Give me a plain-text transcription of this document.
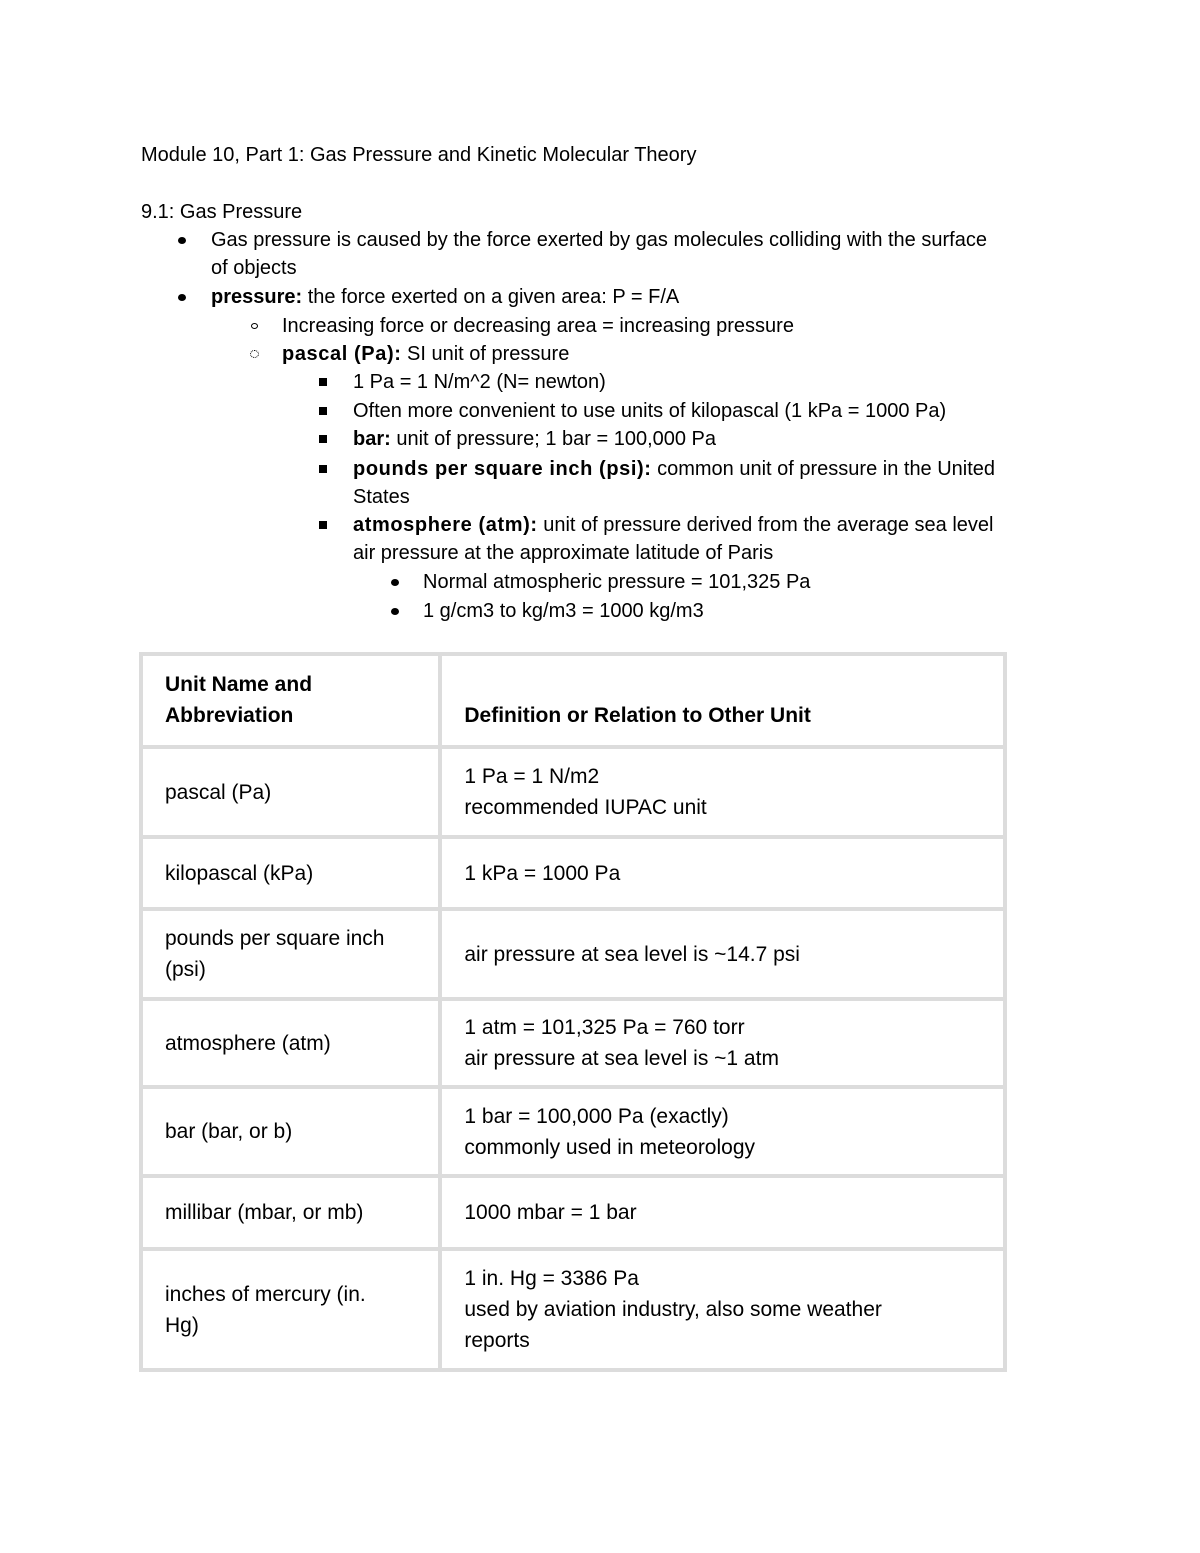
Module 10, Part 1: Gas Pressure and Kinetic Molecular Theory
9.1: Gas Pressure
Gas pressure is caused by the force exerted by gas molecules colliding with the surface
of objects
pressure: the force exerted on a given area: P = F/A
Increasing force or decreasing area = increasing pressure
pascal (Pa): SI unit of pressure
1 Pa = 1 N/m^2 (N= newton)
Often more convenient to use units of kilopascal (1 kPa = 1000 Pa)
bar: unit of pressure; 1 bar = 100,000 Pa
pounds per square inch (psi): common unit of pressure in the United
States
atmosphere (atm): unit of pressure derived from the average sea level
air pressure at the approximate latitude of Paris
Normal atmospheric pressure = 101,325 Pa
1 g/cm3 to kg/m3 = 1000 kg/m3
Unit Name and
Abbreviation	Definition or Relation to Other Unit
pascal (Pa)	1 Pa = 1 N/m2
recommended IUPAC unit
kilopascal (kPa)	1 kPa = 1000 Pa
pounds per square inch
(psi)	air pressure at sea level is ~14.7 psi
atmosphere (atm)	1 atm = 101,325 Pa = 760 torr
air pressure at sea level is ~1 atm
bar (bar, or b)	1 bar = 100,000 Pa (exactly)
commonly used in meteorology
millibar (mbar, or mb)	1000 mbar = 1 bar
inches of mercury (in.
Hg)	1 in. Hg = 3386 Pa
used by aviation industry, also some weather
reports
